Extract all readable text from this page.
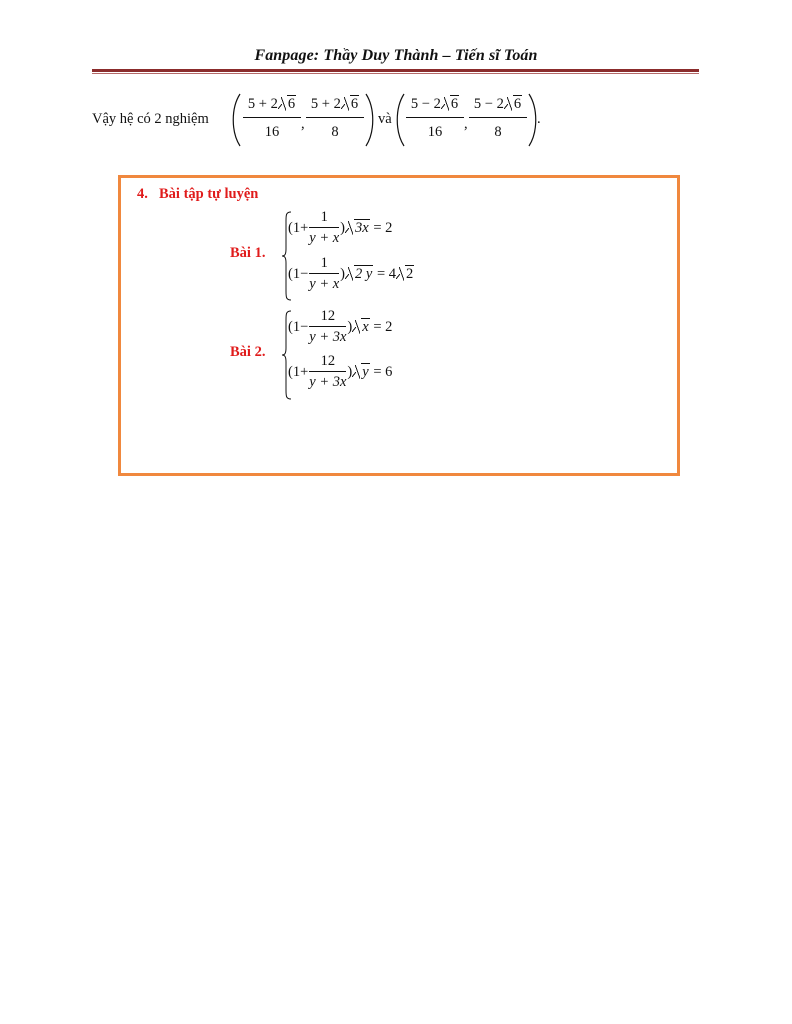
Fanpage: Thầy Duy Thành – Tiến sĩ Toán
Vậy hệ có 2 nghiệm
5 + 2 6
16	,
5 + 2 6
8
và
5 − 2 6
16	,
5 − 2 6
8
.
4. Bài tập tự luyện
Bài 1.
($1+ \frac{1}{y + x}$ ) 3x = 2
($1- \frac{1}{y + x}$ ) 2 y = 4 2
Bài 2.
($1- \frac{12}{y + 3x}$ ) x = 2
($1+ \frac{12}{y + 3x}$ ) y = 6
